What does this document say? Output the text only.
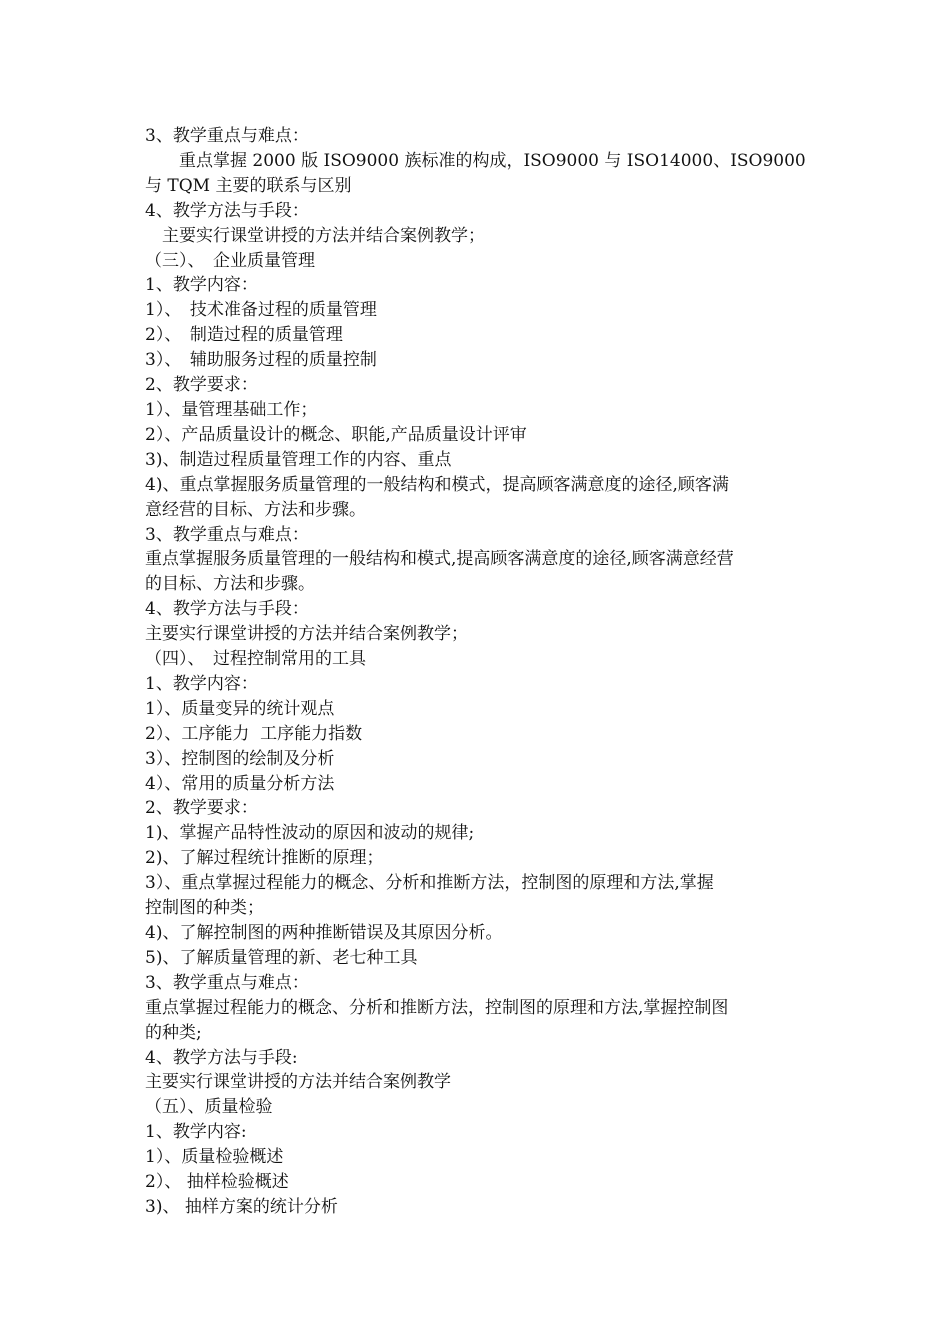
3、教学重点与难点：
　　重点掌握 2000 版 ISO9000 族标准的构成，ISO9000 与 ISO14000、ISO9000
与 TQM 主要的联系与区别
4、教学方法与手段：
　主要实行课堂讲授的方法并结合案例教学；
（三）、　企业质量管理
1、教学内容：
1）、　技术准备过程的质量管理
2）、　制造过程的质量管理
3）、　辅助服务过程的质量控制
2、教学要求：
1）、量管理基础工作；
2）、产品质量设计的概念、职能,产品质量设计评审
3)、制造过程质量管理工作的内容、重点
4)、重点掌握服务质量管理的一般结构和模式，提高顾客满意度的途径,顾客满
意经营的目标、方法和步骤。
3、教学重点与难点：
重点掌握服务质量管理的一般结构和模式,提高顾客满意度的途径,顾客满意经营
的目标、方法和步骤。
4、教学方法与手段：
主要实行课堂讲授的方法并结合案例教学；
（四）、　过程控制常用的工具
1、教学内容：
1）、质量变异的统计观点
2）、工序能力  工序能力指数
3）、控制图的绘制及分析
4）、常用的质量分析方法
2、教学要求：
1)、掌握产品特性波动的原因和波动的规律;
2)、了解过程统计推断的原理；
3）、重点掌握过程能力的概念、分析和推断方法，控制图的原理和方法,掌握
控制图的种类；
4)、了解控制图的两种推断错误及其原因分析。
5)、了解质量管理的新、老七种工具
3、教学重点与难点：
重点掌握过程能力的概念、分析和推断方法，控制图的原理和方法,掌握控制图
的种类;
4、教学方法与手段:
主要实行课堂讲授的方法并结合案例教学
（五）、质量检验
1、教学内容:
1）、质量检验概述
2）、 抽样检验概述
3)、 抽样方案的统计分析
